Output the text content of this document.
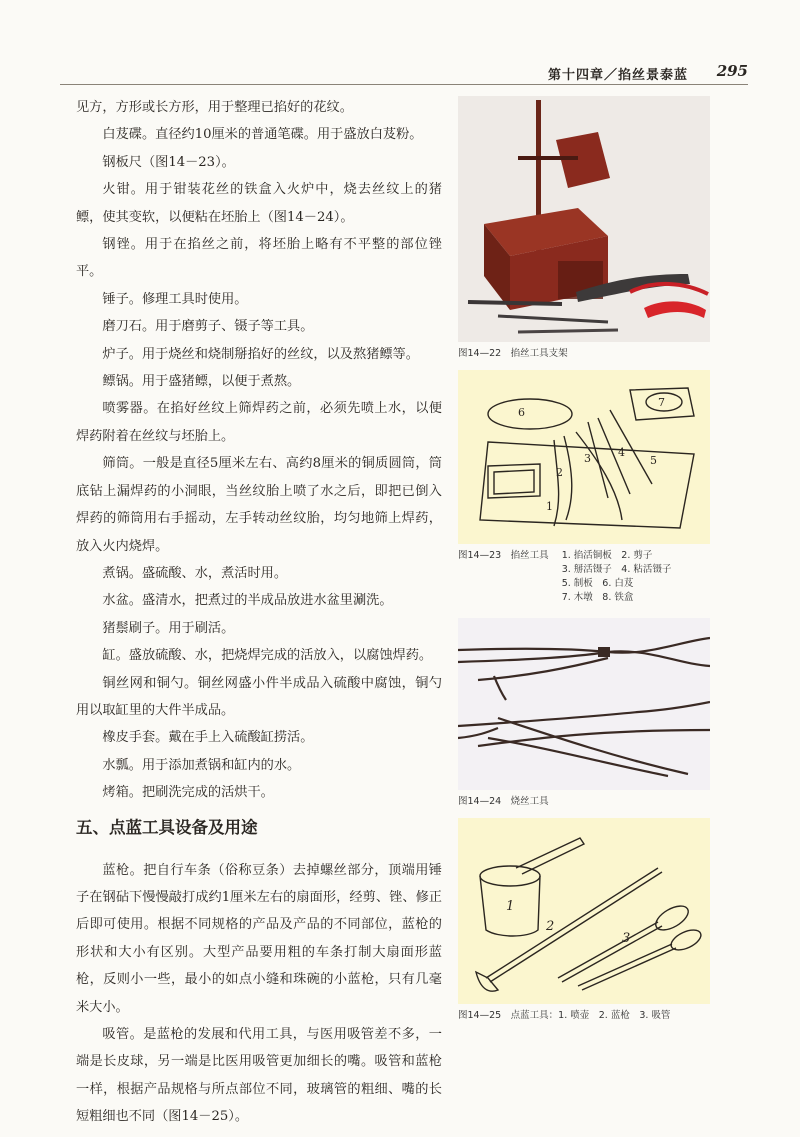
第十四章／掐丝景泰蓝 295

见方，方形或长方形，用于整理已掐好的花纹。

白芨碟。直径约10厘米的普通笔碟。用于盛放白芨粉。

钢板尺（图14－23）。

火钳。用于钳装花丝的铁盒入火炉中，烧去丝纹上的猪鳔，使其变软，以便粘在坯胎上（图14－24）。

钢锉。用于在掐丝之前，将坯胎上略有不平整的部位锉平。

锤子。修理工具时使用。

磨刀石。用于磨剪子、镊子等工具。

炉子。用于烧丝和烧制掰掐好的丝纹，以及熬猪鳔等。

鳔锅。用于盛猪鳔，以便于煮熬。

喷雾器。在掐好丝纹上筛焊药之前，必须先喷上水，以便焊药附着在丝纹与坯胎上。

筛筒。一般是直径5厘米左右、高约8厘米的铜质圆筒，筒底钻上漏焊药的小洞眼，当丝纹胎上喷了水之后，即把已倒入焊药的筛筒用右手摇动，左手转动丝纹胎，均匀地筛上焊药，放入火内烧焊。

煮锅。盛硫酸、水，煮活时用。

水盆。盛清水，把煮过的半成品放进水盆里涮洗。

猪鬃刷子。用于刷活。

缸。盛放硫酸、水，把烧焊完成的活放入，以腐蚀焊药。

铜丝网和铜勺。铜丝网盛小件半成品入硫酸中腐蚀，铜勺用以取缸里的大件半成品。

橡皮手套。戴在手上入硫酸缸捞活。

水瓢。用于添加煮锅和缸内的水。

烤箱。把刷洗完成的活烘干。

五、点蓝工具设备及用途

蓝枪。把自行车条（俗称豆条）去掉螺丝部分，顶端用锤子在钢砧下慢慢敲打成约1厘米左右的扇面形，经剪、锉、修正后即可使用。根据不同规格的产品及产品的不同部位，蓝枪的形状和大小有区别。大型产品要用粗的车条打制大扇面形蓝枪，反则小一些，最小的如点小缝和珠碗的小蓝枪，只有几毫米大小。

吸管。是蓝枪的发展和代用工具，与医用吸管差不多，一端是长皮球，另一端是比医用吸管更加细长的嘴。吸管和蓝枪一样，根据产品规格与所点部位不同，玻璃管的粗细、嘴的长短粗细也不同（图14－25）。

图14—22　掐丝工具支架
1
2
3 4
5
6
7
图14—23　掐丝工具 1. 掐活铜板　2. 剪子
3. 掰活镊子　4. 粘活镊子
5. 制板　6. 白芨
7. 木墩　8. 铁盒
图14—24　烧丝工具
1
2
3
图14—25　点蓝工具：1. 喷壶　2. 蓝枪　3. 吸管
